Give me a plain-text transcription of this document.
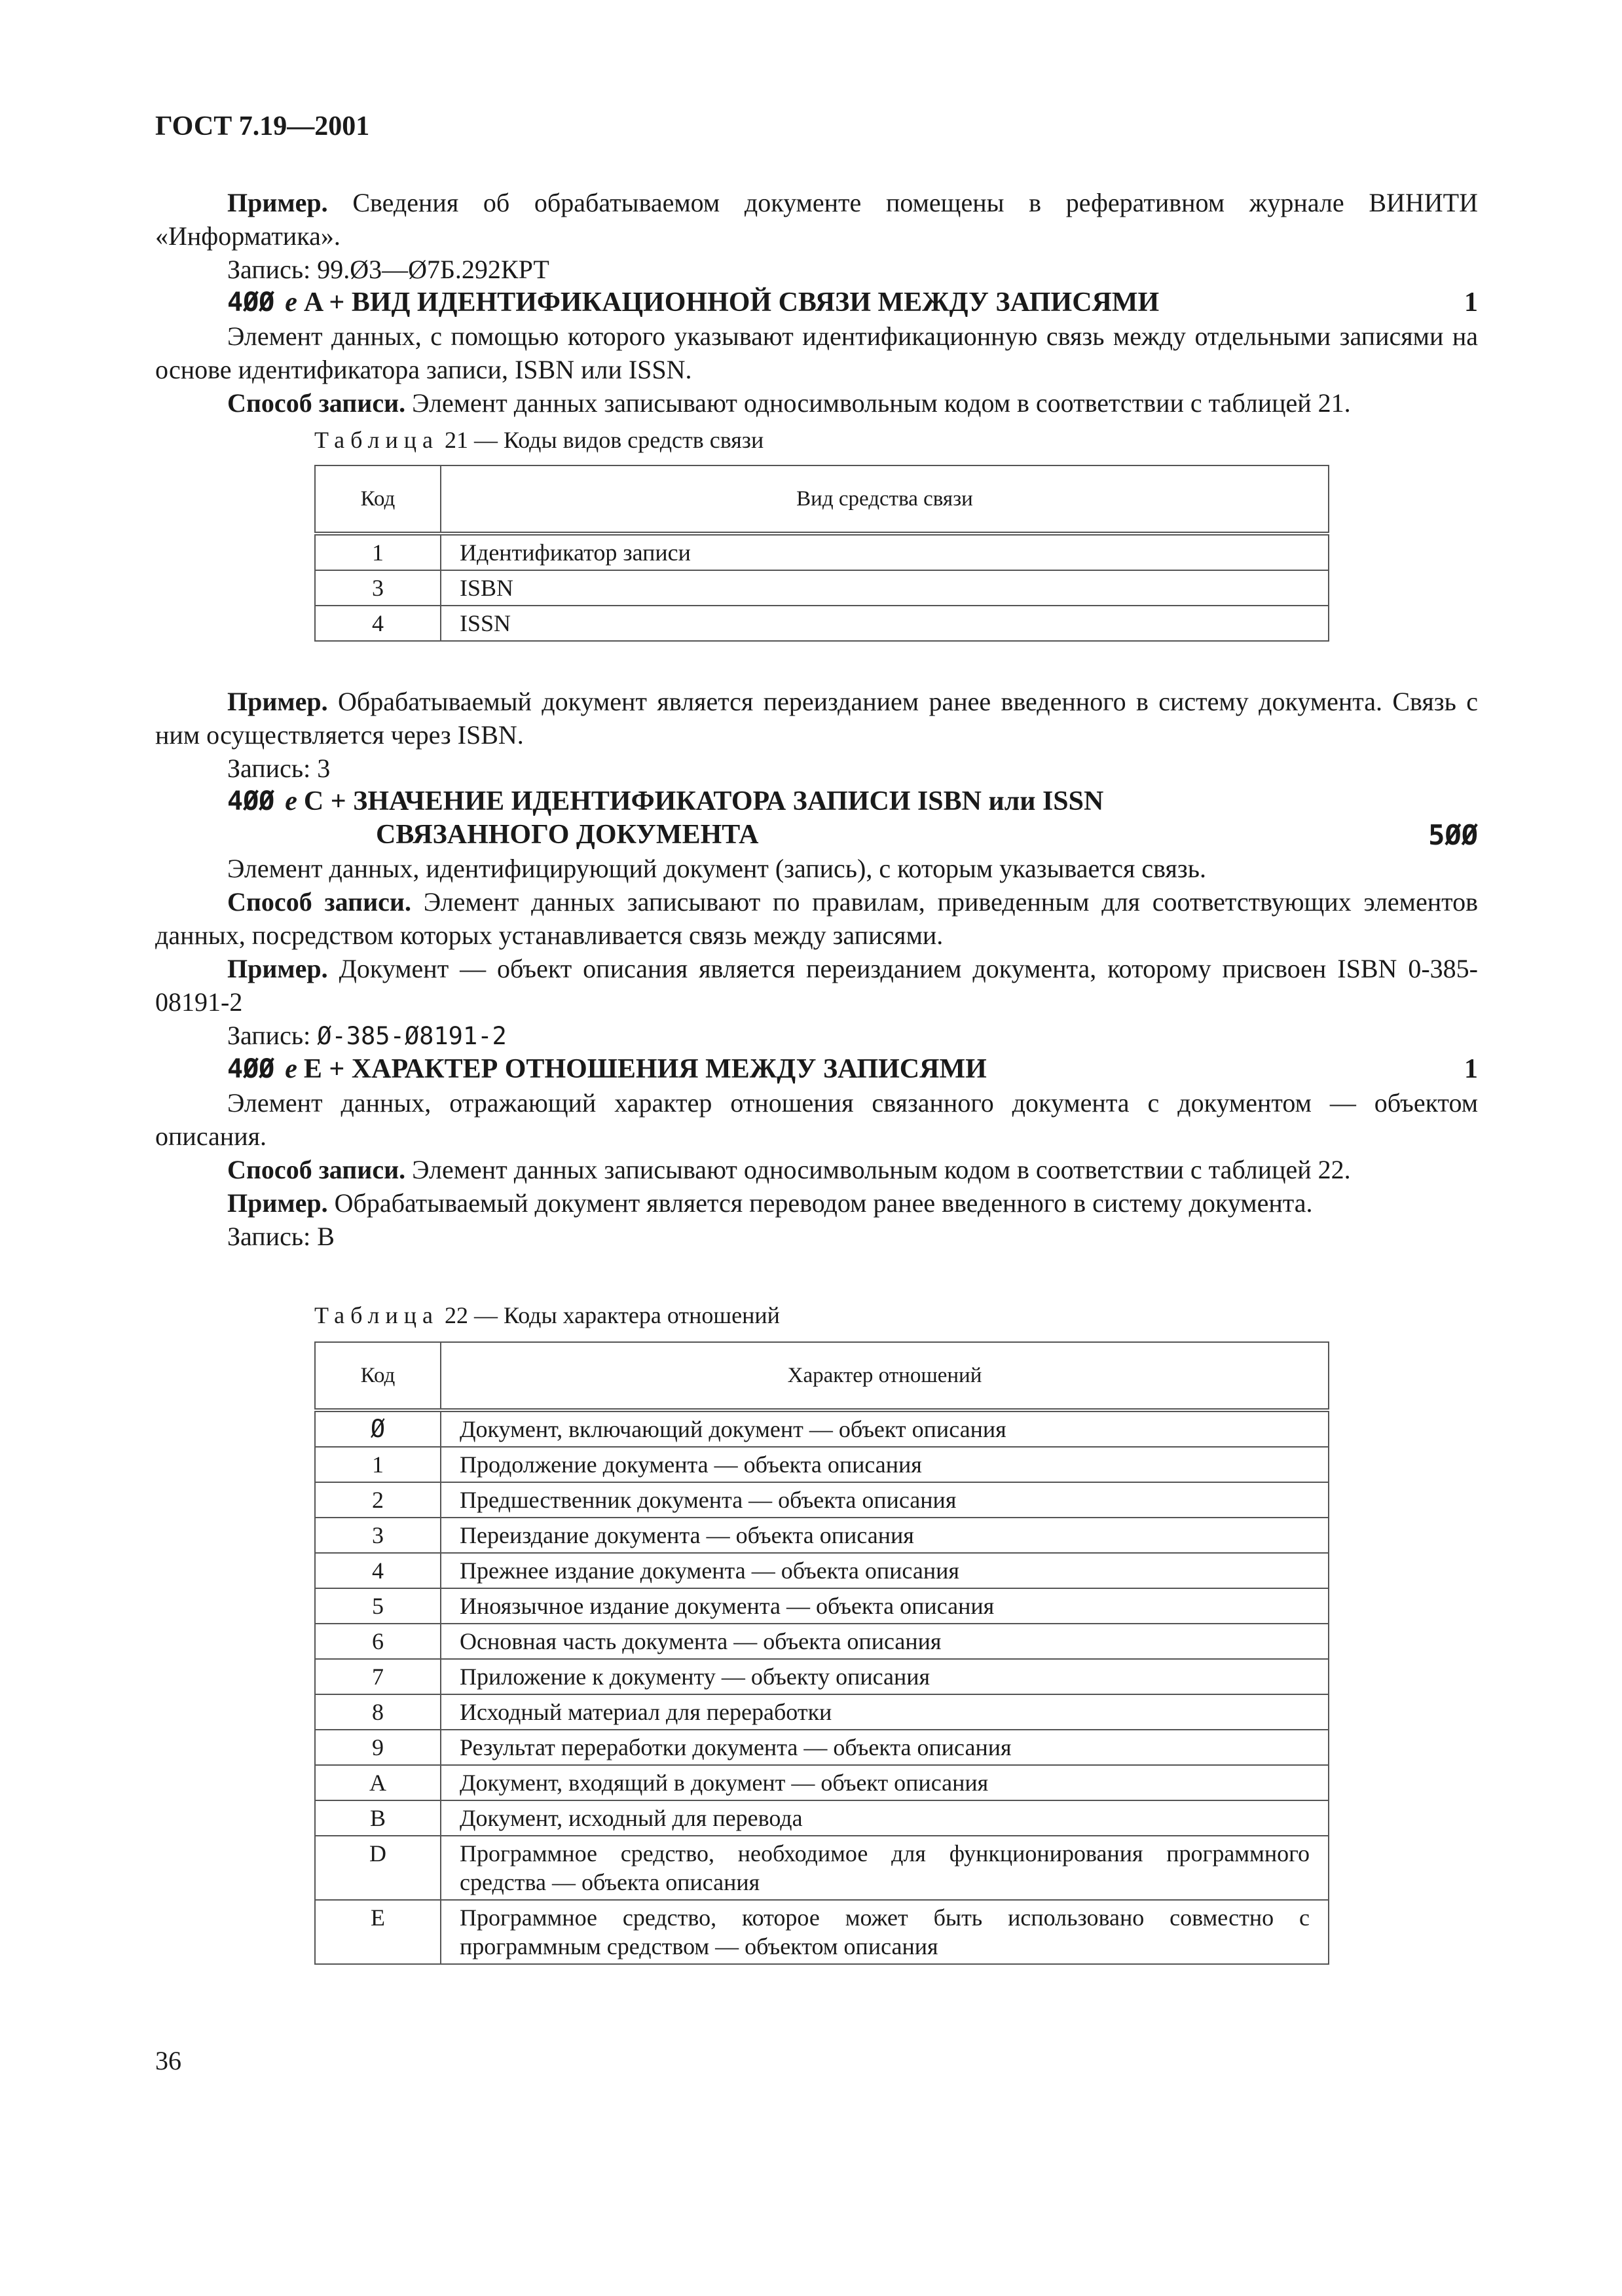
ГОСТ 7.19—2001

Пример. Сведения об обрабатываемом документе помещены в реферативном журнале ВИНИТИ «Информатика».

Запись: 99.Ø3—Ø7Б.292КРТ

4ØØ e A + ВИД ИДЕНТИФИКАЦИОННОЙ СВЯЗИ МЕЖДУ ЗАПИСЯМИ	1

Элемент данных, с помощью которого указывают идентификационную связь между отдельными записями на основе идентификатора записи, ISBN или ISSN.

Способ записи. Элемент данных записывают односимвольным кодом в соответствии с таблицей 21.

Таблица 21 — Коды видов средств связи

Код	Вид средства связи
1	Идентификатор записи
3	ISBN
4	ISSN

Пример. Обрабатываемый документ является переизданием ранее введенного в систему документа. Связь с ним осуществляется через ISBN.

Запись: 3

4ØØ e C + ЗНАЧЕНИЕ ИДЕНТИФИКАТОРА ЗАПИСИ ISBN или ISSN
СВЯЗАННОГО ДОКУМЕНТА	5ØØ

Элемент данных, идентифицирующий документ (запись), с которым указывается связь.

Способ записи. Элемент данных записывают по правилам, приведенным для соответствующих элементов данных, посредством которых устанавливается связь между записями.

Пример. Документ — объект описания является переизданием документа, которому присвоен ISBN 0-385-08191-2

Запись: Ø-385-Ø8191-2

4ØØ e E + ХАРАКТЕР ОТНОШЕНИЯ МЕЖДУ ЗАПИСЯМИ	1

Элемент данных, отражающий характер отношения связанного документа с документом — объектом описания.

Способ записи. Элемент данных записывают односимвольным кодом в соответствии с таблицей 22.

Пример. Обрабатываемый документ является переводом ранее введенного в систему документа.

Запись: В

Таблица 22 — Коды характера отношений

Код	Характер отношений
Ø	Документ, включающий документ — объект описания
1	Продолжение документа — объекта описания
2	Предшественник документа — объекта описания
3	Переиздание документа — объекта описания
4	Прежнее издание документа — объекта описания
5	Иноязычное издание документа — объекта описания
6	Основная часть документа — объекта описания
7	Приложение к документу — объекту описания
8	Исходный материал для переработки
9	Результат переработки документа — объекта описания
A	Документ, входящий в документ — объект описания
B	Документ, исходный для перевода
D	Программное средство, необходимое для функционирования программного средства — объекта описания
E	Программное средство, которое может быть использовано совместно с программным средством — объектом описания
36
